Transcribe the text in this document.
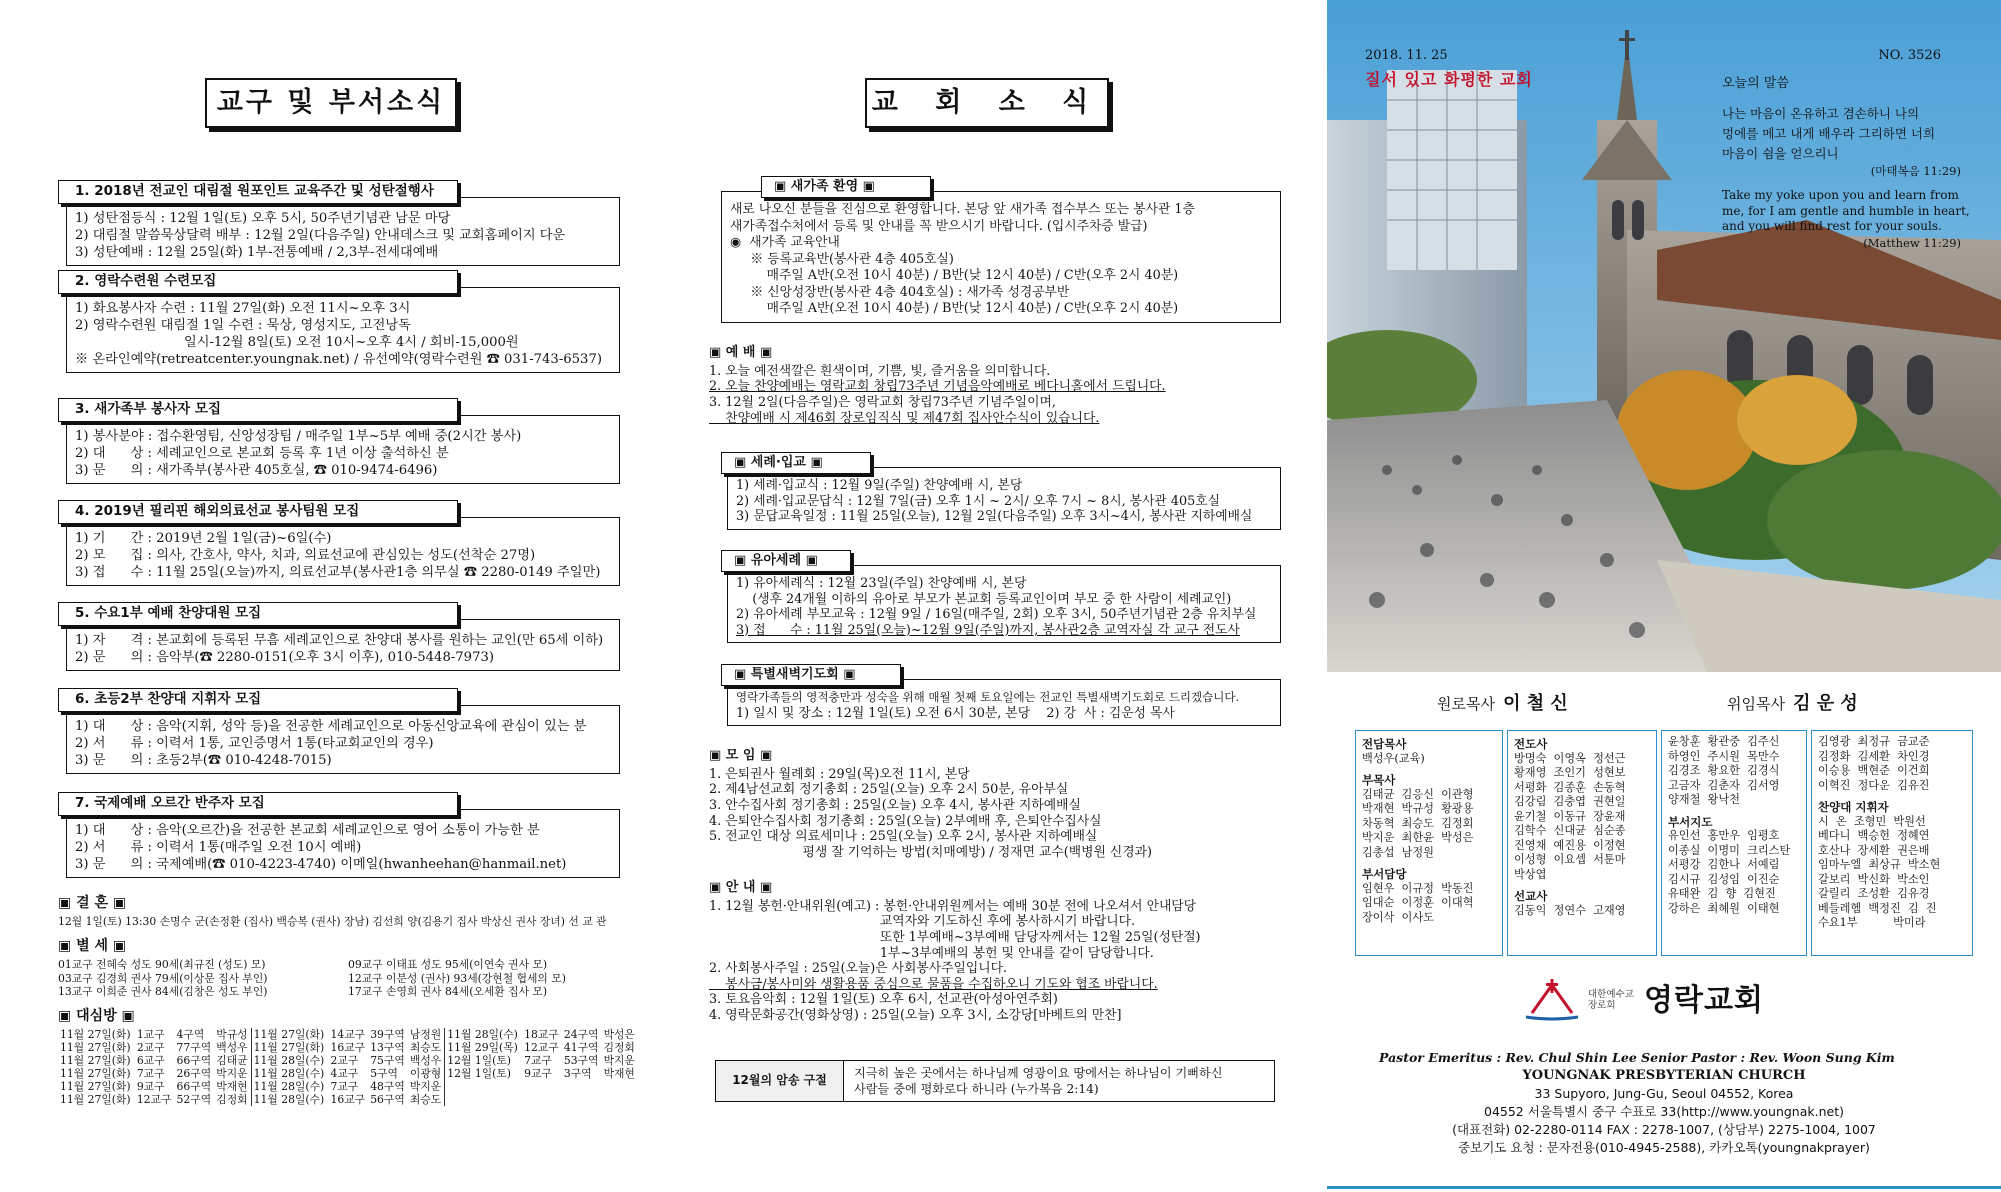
교구 및 부서소식
1. 2018년 전교인 대림절 원포인트 교육주간 및 성탄절행사
1) 성탄점등식 : 12월 1일(토) 오후 5시, 50주년기념관 남문 마당
2) 대림절 말씀묵상달력 배부 : 12월 2일(다음주일) 안내데스크 및 교회홈페이지 다운
3) 성탄예배 : 12월 25일(화) 1부-전통예배 / 2,3부-전세대예배
2. 영락수련원 수련모집
1) 화요봉사자 수련 : 11월 27일(화) 오전 11시~오후 3시
2) 영락수련원 대림절 1일 수련 : 묵상, 영성지도, 고전낭독
일시-12월 8일(토) 오전 10시~오후 4시 / 회비-15,000원
※ 온라인예약(retreatcenter.youngnak.net) / 유선예약(영락수련원 ☎ 031-743-6537)
3. 새가족부 봉사자 모집
1) 봉사분야 : 접수환영팀, 신앙성장팀 / 매주일 1부~5부 예배 중(2시간 봉사)
2) 대      상 : 세례교인으로 본교회 등록 후 1년 이상 출석하신 분
3) 문      의 : 새가족부(봉사관 405호실, ☎ 010-9474-6496)
4. 2019년 필리핀 해외의료선교 봉사팀원 모집
1) 기      간 : 2019년 2월 1일(금)~6일(수)
2) 모      집 : 의사, 간호사, 약사, 치과, 의료선교에 관심있는 성도(선착순 27명)
3) 접      수 : 11월 25일(오늘)까지, 의료선교부(봉사관1층 의무실 ☎ 2280-0149 주일만)
5. 수요1부 예배 찬양대원 모집
1) 자      격 : 본교회에 등록된 무흠 세례교인으로 찬양대 봉사를 원하는 교인(만 65세 이하)
2) 문      의 : 음악부(☎ 2280-0151(오후 3시 이후), 010-5448-7973)
6. 초등2부 찬양대 지휘자 모집
1) 대      상 : 음악(지휘, 성악 등)을 전공한 세례교인으로 아동신앙교육에 관심이 있는 분
2) 서      류 : 이력서 1통, 교인증명서 1통(타교회교인의 경우)
3) 문      의 : 초등2부(☎ 010-4248-7015)
7. 국제예배 오르간 반주자 모집
1) 대      상 : 음악(오르간)을 전공한 본교회 세례교인으로 영어 소통이 가능한 분
2) 서      류 : 이력서 1통(매주일 오전 10시 예배)
3) 문      의 : 국제예배(☎ 010-4223-4740) 이메일(hwanheehan@hanmail.net)
▣ 결 혼 ▣
12월 1일(토) 13:30 손명수 군(손정환 (집사) 백승복 (권사) 장남) 김선희 양(김용기 집사 박상신 권사 장녀) 선 교 관
▣ 별 세 ▣
01교구 전혜숙 성도 90세(최규진 (성도) 모)	09교구 이태표 성도 95세(이연숙 권사 모)
03교구 김경희 권사 79세(이상문 집사 부인)	12교구 이분성 (권사) 93세(강현철 협세의 모)
13교구 이희준 권사 84세(김창은 성도 부인)	17교구 손영희 권사 84세(오세환 집사 모)
▣ 대심방 ▣
11월 27일(화)	1교구	4구역	박규성	11월 27일(화)	14교구	39구역	남정원	11월 28일(수)	18교구	24구역	박성은
11월 27일(화)	2교구	77구역	백성우	11월 27일(화)	16교구	13구역	최승도	11월 29일(목)	12교구	41구역	김정회
11월 27일(화)	6교구	66구역	김태균	11월 28일(수)	2교구	75구역	백성우	12월 1일(토)	7교구	53구역	박지운
11월 27일(화)	7교구	26구역	박지운	11월 28일(수)	4교구	5구역	이광형	12월 1일(토)	9교구	3구역	박재현
11월 27일(화)	9교구	66구역	박재현	11월 28일(수)	7교구	48구역	박지운				
11월 27일(화)	12교구	52구역	김정회	11월 28일(수)	16교구	56구역	최승도				
교 회 소 식
▣ 새가족 환영 ▣
새로 나오신 분들을 진심으로 환영합니다. 본당 앞 새가족 접수부스 또는 봉사관 1층
새가족접수처에서 등록 및 안내를 꼭 받으시기 바랍니다. (입시주차증 발급)
◉  새가족 교육안내
※ 등록교육반(봉사관 4층 405호실)
매주일 A반(오전 10시 40분) / B반(낮 12시 40분) / C반(오후 2시 40분)
※ 신앙성장반(봉사관 4층 404호실) : 새가족 성경공부반
매주일 A반(오전 10시 40분) / B반(낮 12시 40분) / C반(오후 2시 40분)
▣ 예 배 ▣
1. 오늘 예전색깔은 흰색이며, 기쁨, 빛, 즐거움을 의미합니다.
2. 오늘 찬양예배는 영락교회 창립73주년 기념음악예배로 베다니홀에서 드립니다.
3. 12월 2일(다음주일)은 영락교회 창립73주년 기념주일이며,
찬양예배 시 제46회 장로임직식 및 제47회 집사안수식이 있습니다.
▣ 세례·입교 ▣
1) 세례·입교식 : 12월 9일(주일) 찬양예배 시, 본당
2) 세례·입교문답식 : 12월 7일(금) 오후 1시 ~ 2시/ 오후 7시 ~ 8시, 봉사관 405호실
3) 문답교육일정 : 11월 25일(오늘), 12월 2일(다음주일) 오후 3시~4시, 봉사관 지하예배실
▣ 유아세례 ▣
1) 유아세례식 : 12월 23일(주일) 찬양예배 시, 본당
(생후 24개월 이하의 유아로 부모가 본교회 등록교인이며 부모 중 한 사람이 세례교인)
2) 유아세례 부모교육 : 12월 9일 / 16일(매주일, 2회) 오후 3시, 50주년기념관 2층 유치부실
3) 접      수 : 11월 25일(오늘)~12월 9일(주일)까지, 봉사관2층 교역자실 각 교구 전도사
▣ 특별새벽기도회 ▣
영락가족들의 영적충만과 성숙을 위해 매월 첫째 토요일에는 전교인 특별새벽기도회로 드리겠습니다.
1) 일시 및 장소 : 12월 1일(토) 오전 6시 30분, 본당    2) 강  사 : 김운성 목사
▣ 모 임 ▣
1. 은퇴권사 월례회 : 29일(목)오전 11시, 본당
2. 제4남선교회 정기총회 : 25일(오늘) 오후 2시 50분, 유아부실
3. 안수집사회 정기총회 : 25일(오늘) 오후 4시, 봉사관 지하예배실
4. 은퇴안수집사회 정기총회 : 25일(오늘) 2부예배 후, 은퇴안수집사실
5. 전교인 대상 의료세미나 : 25일(오늘) 오후 2시, 봉사관 지하예배실
평생 잘 기억하는 방법(치매예방) / 정재면 교수(백병원 신경과)
▣ 안 내 ▣
1. 12월 봉헌·안내위원(예고) : 봉헌·안내위원께서는 예배 30분 전에 나오셔서 안내담당
교역자와 기도하신 후에 봉사하시기 바랍니다.
또한 1부예배~3부예배 담당자께서는 12월 25일(성탄절)
1부~3부예배의 봉헌 및 안내를 같이 담당합니다.
2. 사회봉사주일 : 25일(오늘)은 사회봉사주일입니다.
봉사금/봉사미와 생활용품 중심으로 물품을 수집하오니 기도와 협조 바랍니다.
3. 토요음악회 : 12월 1일(토) 오후 6시, 선교관(아성아연주회)
4. 영락문화공간(영화상영) : 25일(오늘) 오후 3시, 소강당[바베트의 만찬]
12월의 암송 구절
지극히 높은 곳에서는 하나님께 영광이요 땅에서는 하나님이 기뻐하신
사람들 중에 평화로다 하니라 (누가복음 2:14)
2018. 11. 25	NO. 3526
질서 있고 화평한 교회	오늘의 말씀
나는 마음이 온유하고 겸손하니 나의
멍에를 메고 내게 배우라 그리하면 너희
마음이 쉼을 얻으리니
(마태복음 11:29)
Take my yoke upon you and learn from
me, for I am gentle and humble in heart,
and you will find rest for your souls.
(Matthew 11:29)
원로목사 이 철 신	위임목사 김 운 성
전담목사
백성우(교육)
부목사
김태균  김응신  이관형
박재현  박규성  황광용
차동혁  최승도  김정회
박지운  최한윤  박성은
김총섭  남정원
부서담당
임현우  이규정  박동진
임대순  이정훈  이대혁
장이삭  이사도
전도사
방명숙  이영옥  정선근
황재영  조인기  성현보
서평화  김종훈  손동혁
김강림  김충엽  권현일
윤기철  이동규  장윤재
김학수  신대균  심순종
진영채  예진용  이정현
이성형  이요셉  서툰마
박상엽
선교사
김동익  정연수  고재영
윤창훈  황관중  김주신
하영인  주시원  목만수
김경조  황요한  김경식
고금자  김춘자  김서영
양재철  왕낙천
부서지도
유인선  홍만우  임평호
이종실  이명미  크리스탄
서평강  김한나  서예림
김시규  김성임  이진순
유태완  김  향  김현진
강하은  최혜원  이태현
김영광  최정규  금교준
김정화  김세환  차인경
이승용  백현준  이건희
이혁진  정다운  김유진
찬양대 지휘자
시  온  조형민  박원선
베다니  백승헌  정혜연
호산나  장세환  권은배
임마누엘  최상규  박소현
갈보리  박신화  박소인
갈릴리  조성환  김유경
베들레헴  백정진  김  진
수요1부          박미라
대한예수교 장로회 영락교회
Pastor Emeritus : Rev. Chul Shin Lee Senior Pastor : Rev. Woon Sung Kim
YOUNGNAK PRESBYTERIAN CHURCH
33 Supyoro, Jung-Gu, Seoul 04552, Korea
04552 서울특별시 중구 수표로 33(http://www.youngnak.net)
(대표전화) 02-2280-0114 FAX : 2278-1007, (상담부) 2275-1004, 1007
중보기도 요청 : 문자전용(010-4945-2588), 카카오톡(youngnakprayer)
